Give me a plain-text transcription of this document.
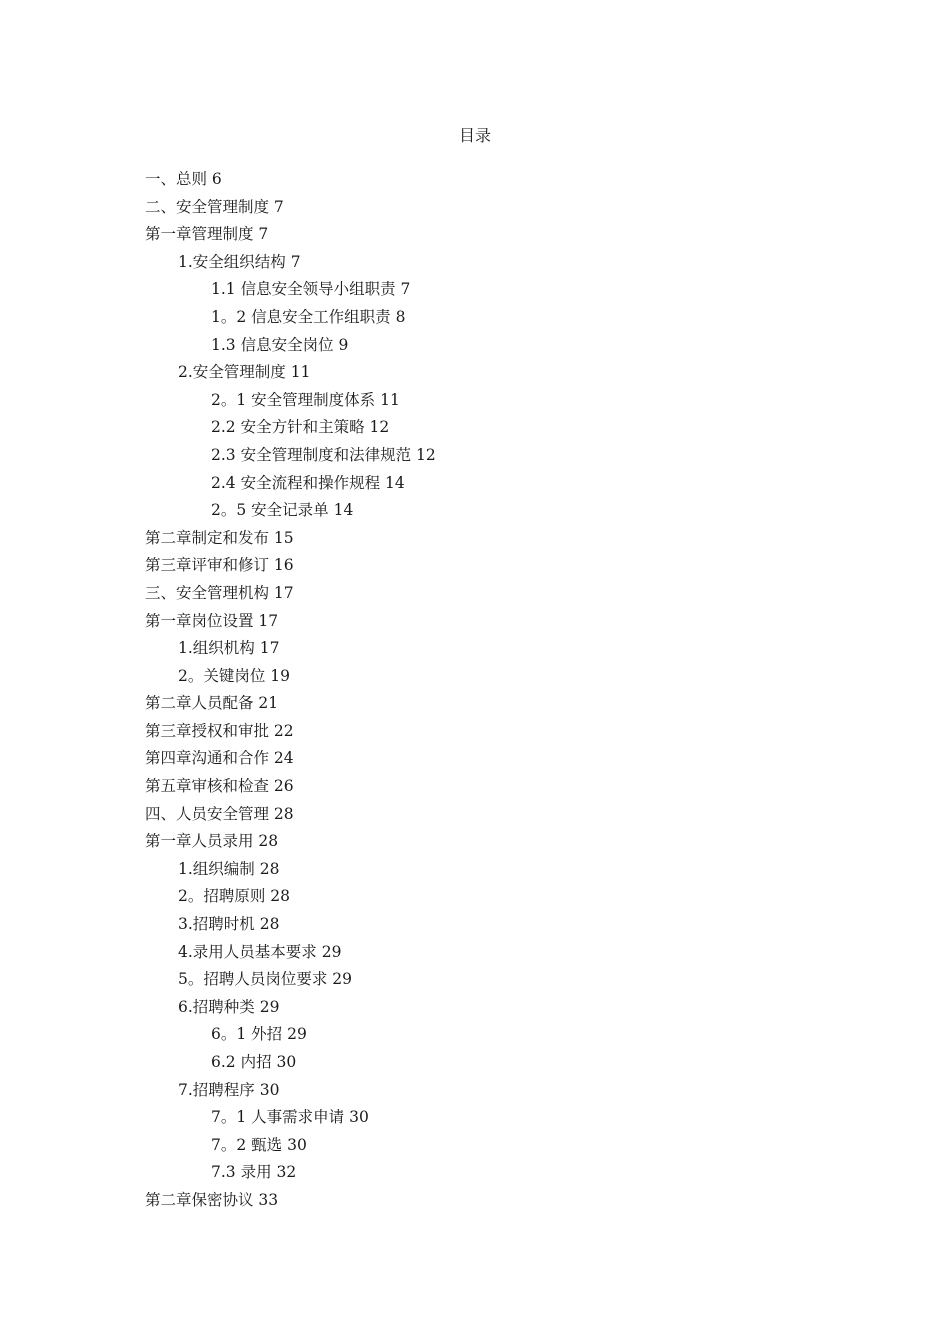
目录
一、总则 6
二、安全管理制度 7
第一章管理制度 7
1.安全组织结构 7
1.1 信息安全领导小组职责 7
1。2 信息安全工作组职责 8
1.3 信息安全岗位 9
2.安全管理制度 11
2。1 安全管理制度体系 11
2.2 安全方针和主策略 12
2.3 安全管理制度和法律规范 12
2.4 安全流程和操作规程 14
2。5 安全记录单 14
第二章制定和发布 15
第三章评审和修订 16
三、安全管理机构 17
第一章岗位设置 17
1.组织机构 17
2。关键岗位 19
第二章人员配备 21
第三章授权和审批 22
第四章沟通和合作 24
第五章审核和检查 26
四、人员安全管理 28
第一章人员录用 28
1.组织编制 28
2。招聘原则 28
3.招聘时机 28
4.录用人员基本要求 29
5。招聘人员岗位要求 29
6.招聘种类 29
6。1 外招 29
6.2 内招 30
7.招聘程序 30
7。1 人事需求申请 30
7。2 甄选 30
7.3 录用 32
第二章保密协议 33
